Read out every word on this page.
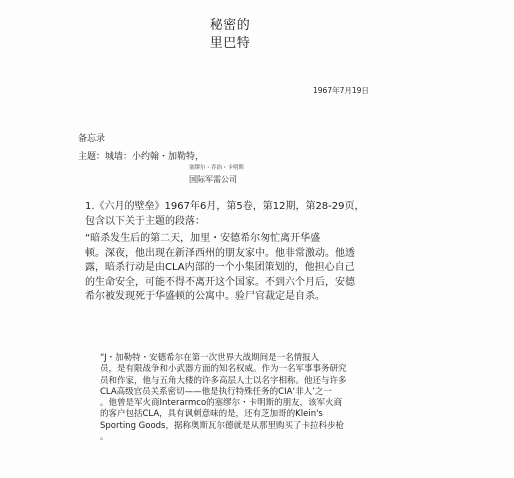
秘密的
里巴特
1967年7月19日
备忘录
主题：城墙：小约翰・加勒特，
塞缪尔・乔治・卡明斯
国际军需公司
1.《六月的壁垒》1967年6月，第5卷，第12期，第28-29页，
包含以下关于主题的段落：
“暗杀发生后的第二天，加里・安德希尔匆忙离开华盛
顿。深夜，他出现在新泽西州的朋友家中。他非常激动。他透
露，暗杀行动是由CLA内部的一个小集团策划的，他担心自己
的生命安全，可能不得不离开这个国家。不到六个月后，安德
希尔被发现死于华盛顿的公寓中。验尸官裁定是自杀。
“J・加勒特・安德希尔在第一次世界大战期间是一名情报人
员，是有限战争和小武器方面的知名权威。作为一名军事事务研究
员和作家，他与五角大楼的许多高层人士以名字相称。他还与许多
CLA高级官员关系密切——他是执行特殊任务的CIA‘非人’之一
。他曾是军火商Interarmco的塞缪尔・卡明斯的朋友，该军火商
的客户包括CLA，具有讽刺意味的是，还有芝加哥的Klein's
Sporting Goods，据称奥斯瓦尔德就是从那里购买了卡拉科步枪
。
